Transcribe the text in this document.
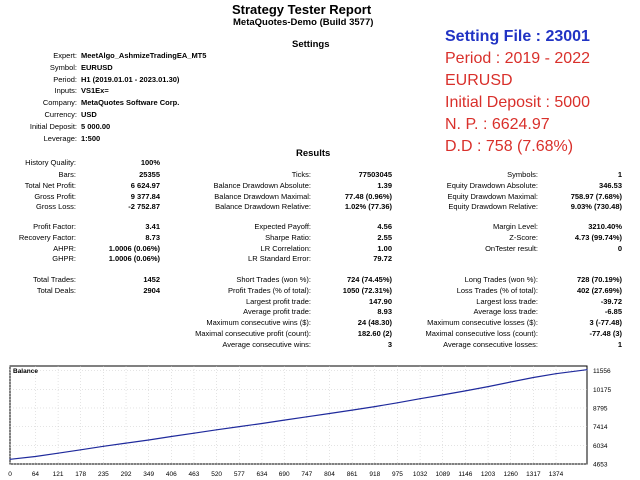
Strategy Tester Report
MetaQuotes-Demo (Build 3577)
Settings
Expert: MeetAlgo_AshmizeTradingEA_MT5
Symbol: EURUSD
Period: H1 (2019.01.01 - 2023.01.30)
Inputs: VS1Ex=
Company: MetaQuotes Software Corp.
Currency: USD
Initial Deposit: 5 000.00
Leverage: 1:500
Setting File : 23001
Period : 2019 - 2022
EURUSD
Initial Deposit : 5000
N. P. : 6624.97
D.D : 758 (7.68%)
Results
History Quality:	100%
Bars:	25355
Total Net Profit:	6 624.97
Gross Profit:	9 377.84
Gross Loss:	-2 752.87
Ticks:	77503045
Balance Drawdown Absolute:	1.39
Balance Drawdown Maximal:	77.48 (0.96%)
Balance Drawdown Relative:	1.02% (77.36)
Symbols:	1
Equity Drawdown Absolute:	346.53
Equity Drawdown Maximal:	758.97 (7.68%)
Equity Drawdown Relative:	9.03% (730.48)
Profit Factor:	3.41
Recovery Factor:	8.73
AHPR:	1.0006 (0.06%)
GHPR:	1.0006 (0.06%)
Expected Payoff:	4.56
Sharpe Ratio:	2.55
LR Correlation:	1.00
LR Standard Error:	79.72
Margin Level:	3210.40%
Z-Score:	4.73 (99.74%)
OnTester result:	0
Total Trades:	1452
Total Deals:	2904
Short Trades (won %):	724 (74.45%)
Profit Trades (% of total):	1050 (72.31%)
Largest profit trade:	147.90
Average profit trade:	8.93
Maximum consecutive wins ($):	24 (48.30)
Maximal consecutive profit (count):	182.60 (2)
Average consecutive wins:	3
Long Trades (won %):	728 (70.19%)
Loss Trades (% of total):	402 (27.69%)
Largest loss trade:	-39.72
Average loss trade:	-6.85
Maximum consecutive losses ($):	3 (-77.48)
Maximal consecutive loss (count):	-77.48 (3)
Average consecutive losses:	1
0	64 121 178 235 292 349 406 463 520 577 634 690 747 804 861 918 975 1032 1089 1146 1203 1260 1317 1374
4653
6034
7414
8795
10175
11556
Balance
